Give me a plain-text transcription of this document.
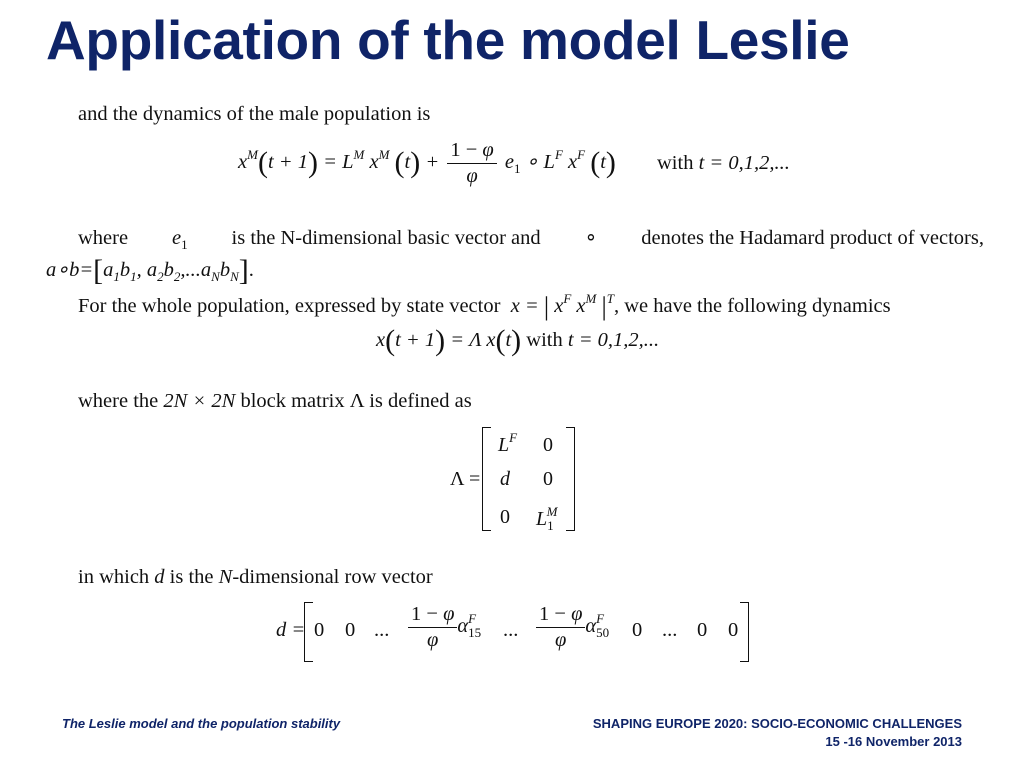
Application of the model Leslie
and the dynamics of the male population is
$x^M(t + 1) = L^M$ $x^M$ $(t) + \frac{1 - \varphi}{\varphi} e_1$ ∘ $L^F$ $x^F$ (t) with t = 0,1,2,...
where $e_1$ is the N-dimensional basic vector and ∘ denotes the Hadamard product of vectors,
$a\circ b=[a_1b_1$, $a_2b_2,...a_Nb_N$].
For the whole population, expressed by state vector  x = | $x^F$ $x^M$ $|^T$, we have the following dynamics
x(t + 1) = Λ x(t) with t = 0,1,2,...
where the 2N × 2N block matrix Λ is defined as
Λ =
$L^F$ 0
d 0
0 $L_1^M$
in which d is the N-dimensional row vector
d = 0 0 ... $\frac{1 - \varphi}{\varphi} \alpha_{15}^F$
... $\frac{1 - \varphi}{\varphi} \alpha_{50}^F$
0 ... 0 0
The Leslie model and the population stability	SHAPING EUROPE 2020: SOCIO-ECONOMIC CHALLENGES
15 -16 November 2013
